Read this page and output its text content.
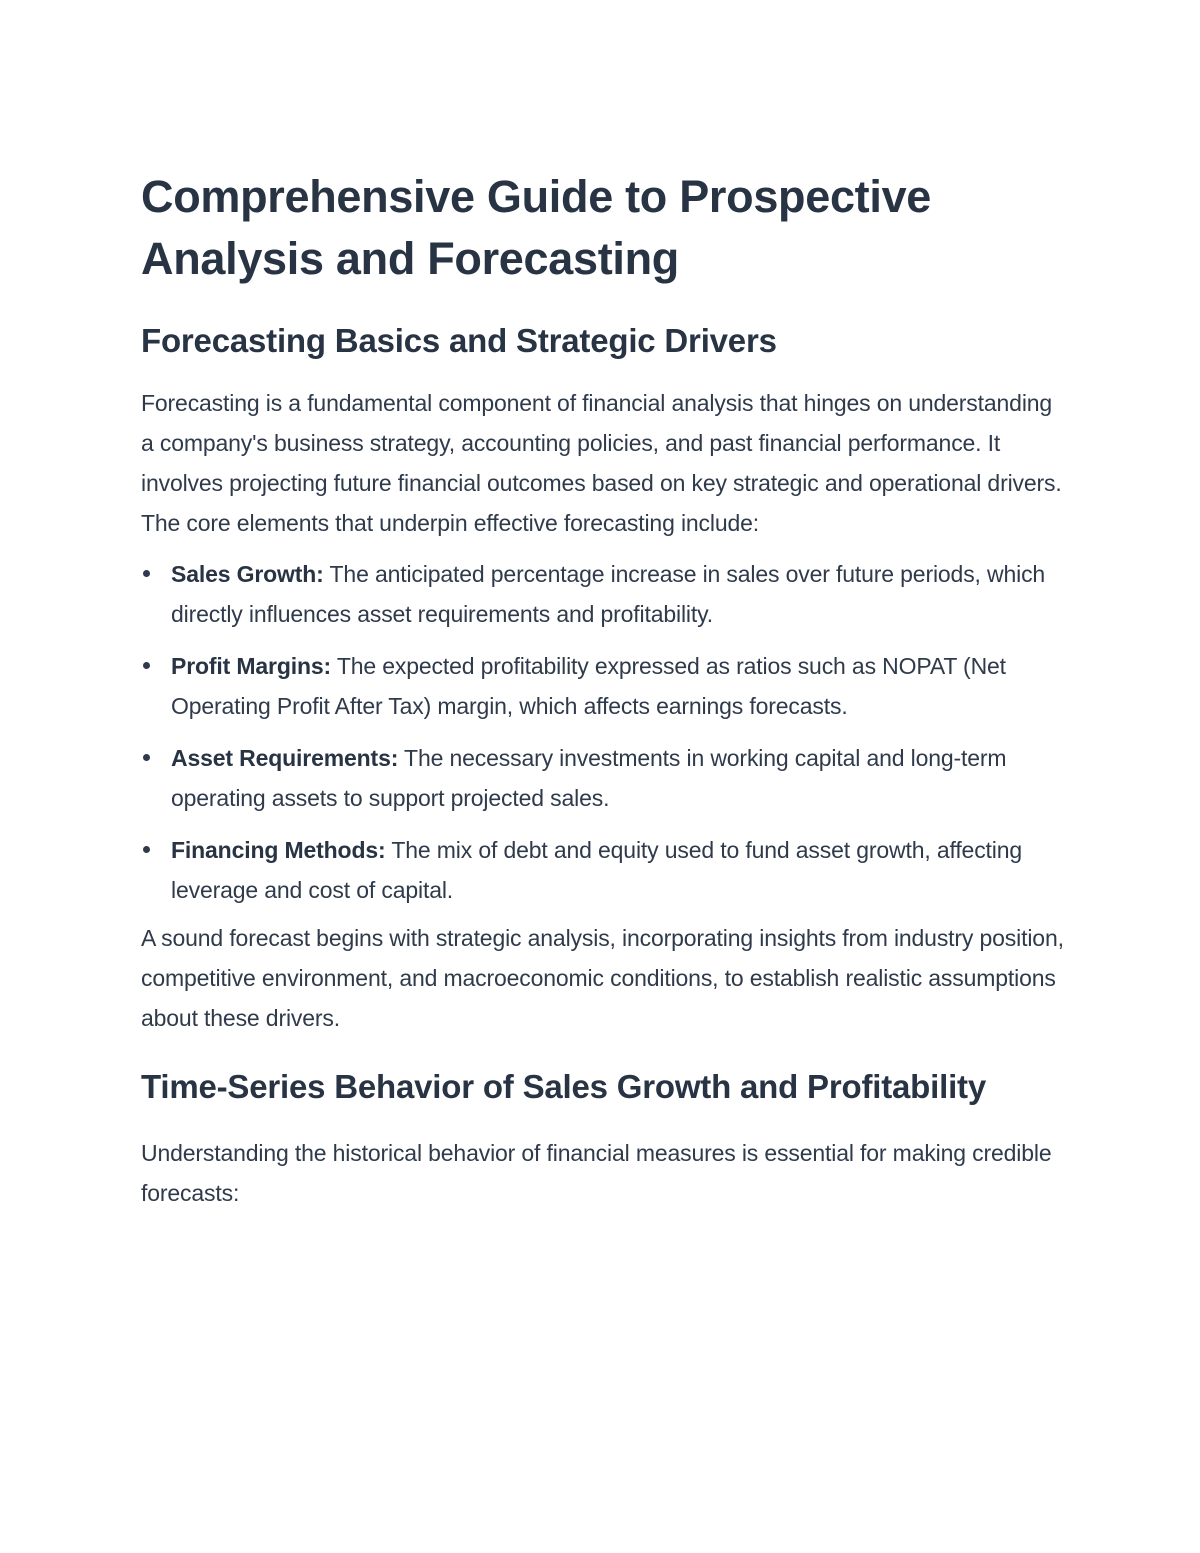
Comprehensive Guide to Prospective Analysis and Forecasting
Forecasting Basics and Strategic Drivers

Forecasting is a fundamental component of financial analysis that hinges on understanding a company's business strategy, accounting policies, and past financial performance. It involves projecting future financial outcomes based on key strategic and operational drivers. The core elements that underpin effective forecasting include:

Sales Growth: The anticipated percentage increase in sales over future periods, which directly influences asset requirements and profitability.
Profit Margins: The expected profitability expressed as ratios such as NOPAT (Net Operating Profit After Tax) margin, which affects earnings forecasts.
Asset Requirements: The necessary investments in working capital and long-term operating assets to support projected sales.
Financing Methods: The mix of debt and equity used to fund asset growth, affecting leverage and cost of capital.

A sound forecast begins with strategic analysis, incorporating insights from industry position, competitive environment, and macroeconomic conditions, to establish realistic assumptions about these drivers.

Time-Series Behavior of Sales Growth and Profitability

Understanding the historical behavior of financial measures is essential for making credible forecasts:
